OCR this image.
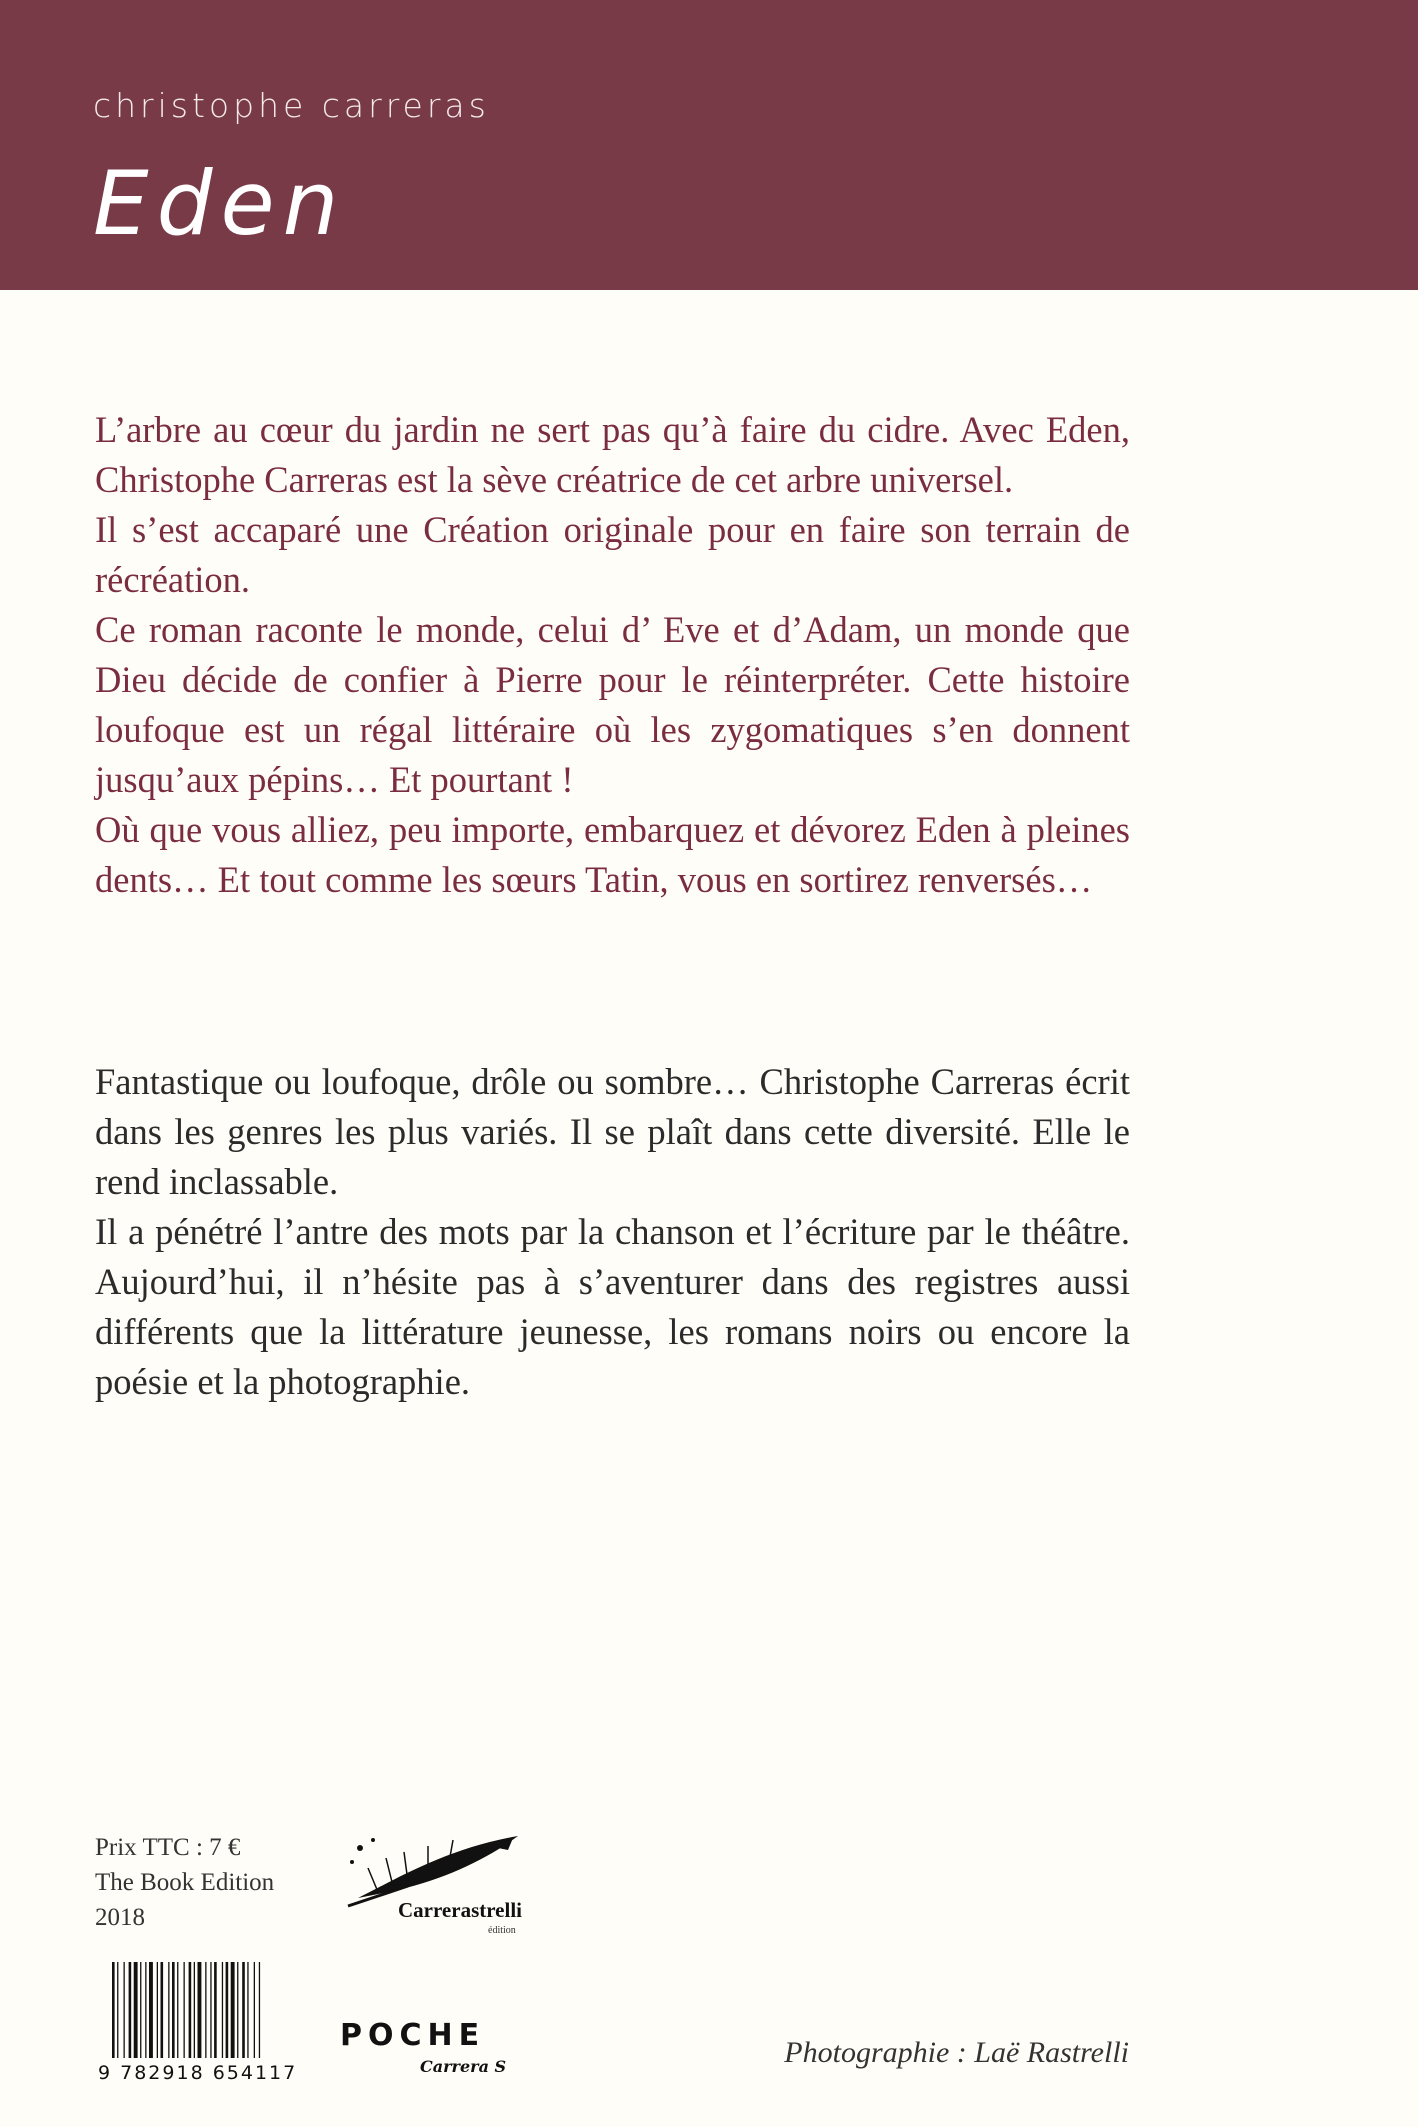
christophe carreras
Eden

L’arbre au cœur du jardin ne sert pas qu’à faire du cidre. Avec Eden, Christophe Carreras est la sève créatrice de cet arbre universel.

Il s’est accaparé une Création originale pour en faire son terrain de récréation.

Ce roman raconte le monde, celui d’ Eve et d’Adam, un monde que Dieu décide de confier à Pierre pour le réinterpréter. Cette histoire loufoque est un régal littéraire où les zygomatiques s’en donnent jusqu’aux pépins… Et pourtant !

Où que vous alliez, peu importe, embarquez et dévorez Eden à pleines dents… Et tout comme les sœurs Tatin, vous en sortirez renversés…

Fantastique ou loufoque, drôle ou sombre… Christophe Carreras écrit dans les genres les plus variés. Il se plaît dans cette diversité. Elle le rend inclassable.

Il a pénétré l’antre des mots par la chanson et l’écriture par le théâtre. Aujourd’hui, il n’hésite pas à s’aventurer dans des registres aussi différents que la littérature jeunesse, les romans noirs ou encore la poésie et la photographie.

Prix TTC : 7 €
The Book Edition
2018	Carrerastrelli
édition
9 782918 654117
POCHE
Carrera S	Photographie : Laë Rastrelli
